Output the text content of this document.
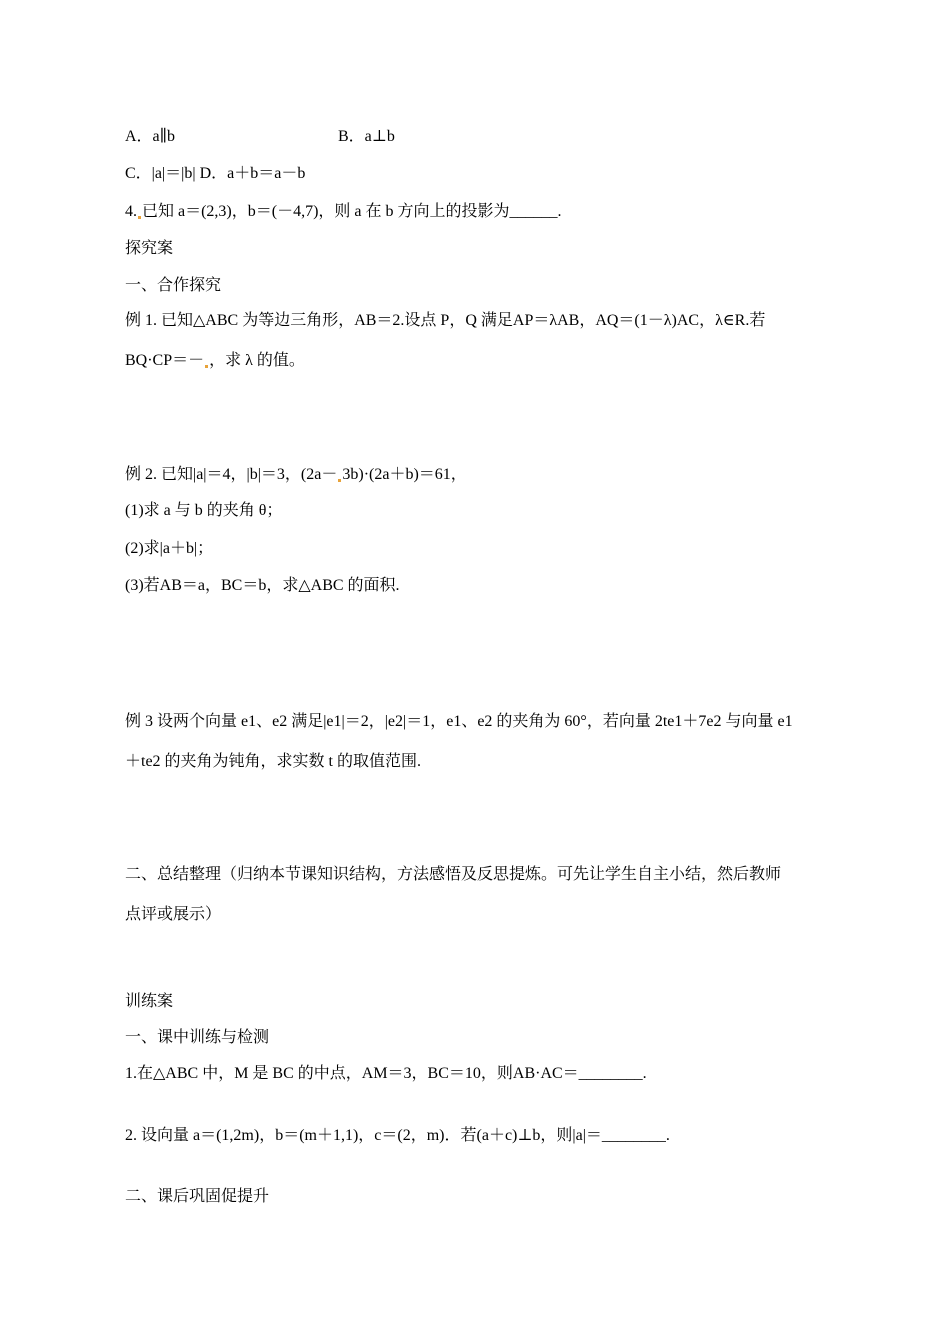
A．a∥b	B．a⊥b
C．|a|＝|b| D．a＋b＝a－b
4. 已知 a＝(2,3)，b＝(－4,7)，则 a 在 b 方向上的投影为______.
探究案
一、合作探究
例 1. 已知△ABC 为等边三角形，AB＝2.设点 P，Q 满足AP＝λAB，AQ＝(1－λ)AC，λ∈R.若
BQ·CP＝－ ，求 λ 的值。
例 2. 已知|a|＝4，|b|＝3，(2a－ 3b)·(2a＋b)＝61，
(1)求 a 与 b 的夹角 θ；
(2)求|a＋b|；
(3)若AB＝a，BC＝b，求△ABC 的面积.
例 3 设两个向量 e1、e2 满足|e1|＝2，|e2|＝1，e1、e2 的夹角为 60°，若向量 2te1＋7e2 与向量 e1
＋te2 的夹角为钝角，求实数 t 的取值范围.
二、总结整理（归纳本节课知识结构，方法感悟及反思提炼。可先让学生自主小结，然后教师
点评或展示）
训练案
一、课中训练与检测
1.在△ABC 中，M 是 BC 的中点，AM＝3，BC＝10，则AB·AC＝________.
2. 设向量 a＝(1,2m)，b＝(m＋1,1)，c＝(2，m)．若(a＋c)⊥b，则|a|＝________.
二、课后巩固促提升
